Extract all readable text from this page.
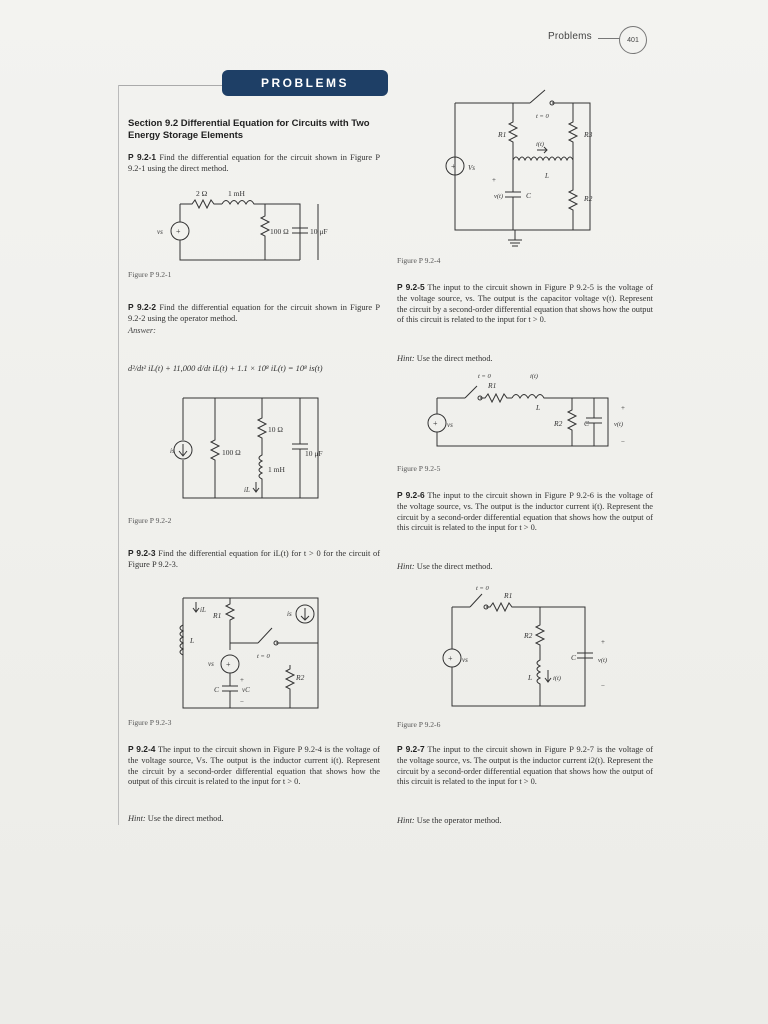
Problems	401
PROBLEMS
Section 9.2 Differential Equation for Circuits with Two Energy Storage Elements
P 9.2-1 Find the differential equation for the circuit shown in Figure P 9.2-1 using the direct method.
2 Ω	1 mH
100 Ω	10 μF
vs +
Figure P 9.2-1
P 9.2-2 Find the differential equation for the circuit shown in Figure P 9.2-2 using the operator method.
Answer:
d²/dt² iL(t) + 11,000 d/dt iL(t) + 1.1 × 10⁸ iL(t) = 10⁸ is(t)
10 Ω
100 Ω	10 μF
1 mH
is
iL
Figure P 9.2-2
P 9.2-3 Find the differential equation for iL(t) for t > 0 for the circuit of Figure P 9.2-3.
iL
R1
L
is
vs +
t = 0
C	vC
+
−
R2
Figure P 9.2-3
P 9.2-4 The input to the circuit shown in Figure P 9.2-4 is the voltage of the voltage source, Vs. The output is the inductor current i(t). Represent the circuit by a second-order differential equation that shows how the output of this circuit is related to the input for t > 0.
Hint: Use the direct method.
t = 0
R1	R3
i(t)
L
Vs
+
v(t)
+
C	R2
Figure P 9.2-4
P 9.2-5 The input to the circuit shown in Figure P 9.2-5 is the voltage of the voltage source, vs. The output is the capacitor voltage v(t). Represent the circuit by a second-order differential equation that shows how the output of this circuit is related to the input for t > 0.
Hint: Use the direct method.
t = 0
R1
i(t)
L
vs
+	R2	C	v(t)
+
−
Figure P 9.2-5
P 9.2-6 The input to the circuit shown in Figure P 9.2-6 is the voltage of the voltage source, vs. The output is the inductor current i(t). Represent the circuit by a second-order differential equation that shows how the output of this circuit is related to the input for t > 0.
Hint: Use the direct method.
t = 0
R1
R2
C	v(t)
+
−
L	i(t)
vs
+
Figure P 9.2-6
P 9.2-7 The input to the circuit shown in Figure P 9.2-7 is the voltage of the voltage source, vs. The output is the inductor current i2(t). Represent the circuit by a second-order differential equation that shows how the output of this circuit is related to the input for t > 0.
Hint: Use the operator method.
